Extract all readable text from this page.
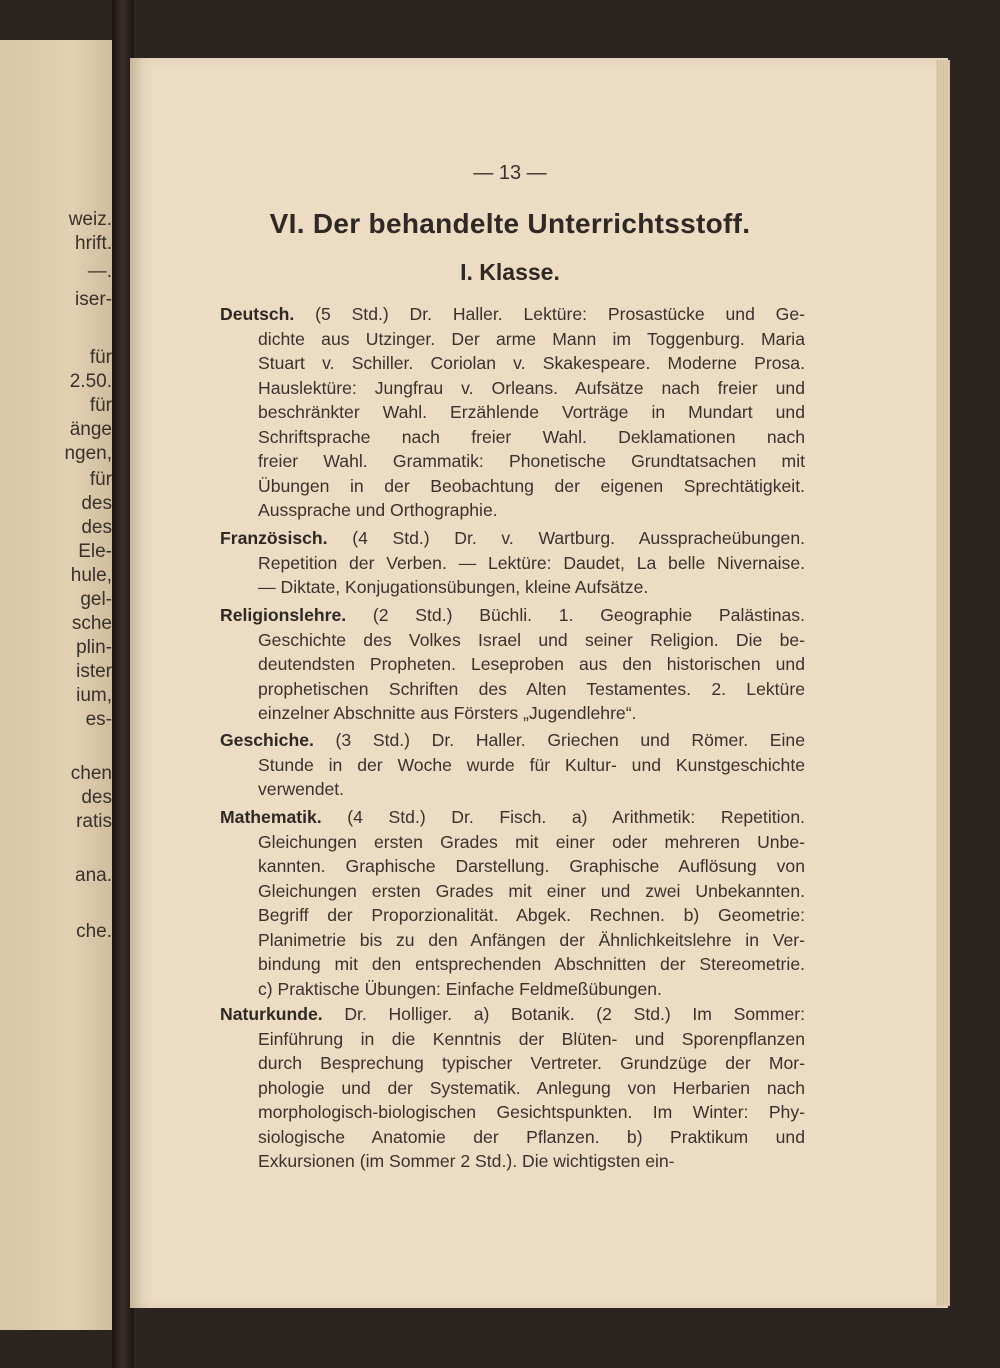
weiz.
hrift.
—.
iser-
für
2.50.
für
änge
ngen,
für
des
des
Ele-
hule,
gel-
sche
plin-
ister
ium,
es-
chen
des
ratis
ana.
che.
— 13 —
VI. Der behandelte Unterrichtsstoff.
I. Klasse.
Deutsch. (5 Std.) Dr. Haller. Lektüre: Prosastücke und Ge-
dichte aus Utzinger. Der arme Mann im Toggenburg. Maria
Stuart v. Schiller. Coriolan v. Skakespeare. Moderne Prosa.
Hauslektüre: Jungfrau v. Orleans. Aufsätze nach freier und
beschränkter Wahl. Erzählende Vorträge in Mundart und
Schriftsprache nach freier Wahl. Deklamationen nach
freier Wahl. Grammatik: Phonetische Grundtatsachen mit
Übungen in der Beobachtung der eigenen Sprechtätigkeit.
Aussprache und Orthographie.
Französisch. (4 Std.) Dr. v. Wartburg. Ausspracheübungen.
Repetition der Verben. — Lektüre: Daudet, La belle Nivernaise.
— Diktate, Konjugationsübungen, kleine Aufsätze.
Religionslehre. (2 Std.) Büchli. 1. Geographie Palästinas.
Geschichte des Volkes Israel und seiner Religion. Die be-
deutendsten Propheten. Leseproben aus den historischen und
prophetischen Schriften des Alten Testamentes. 2. Lektüre
einzelner Abschnitte aus Försters „Jugendlehre“.
Geschiche. (3 Std.) Dr. Haller. Griechen und Römer. Eine
Stunde in der Woche wurde für Kultur- und Kunstgeschichte
verwendet.
Mathematik. (4 Std.) Dr. Fisch. a) Arithmetik: Repetition.
Gleichungen ersten Grades mit einer oder mehreren Unbe-
kannten. Graphische Darstellung. Graphische Auflösung von
Gleichungen ersten Grades mit einer und zwei Unbekannten.
Begriff der Proporzionalität. Abgek. Rechnen. b) Geometrie:
Planimetrie bis zu den Anfängen der Ähnlichkeitslehre in Ver-
bindung mit den entsprechenden Abschnitten der Stereometrie.
c) Praktische Übungen: Einfache Feldmeßübungen.
Naturkunde. Dr. Holliger. a) Botanik. (2 Std.) Im Sommer:
Einführung in die Kenntnis der Blüten- und Sporenpflanzen
durch Besprechung typischer Vertreter. Grundzüge der Mor-
phologie und der Systematik. Anlegung von Herbarien nach
morphologisch-biologischen Gesichtspunkten. Im Winter: Phy-
siologische Anatomie der Pflanzen. b) Praktikum und
Exkursionen (im Sommer 2 Std.). Die wichtigsten ein-
